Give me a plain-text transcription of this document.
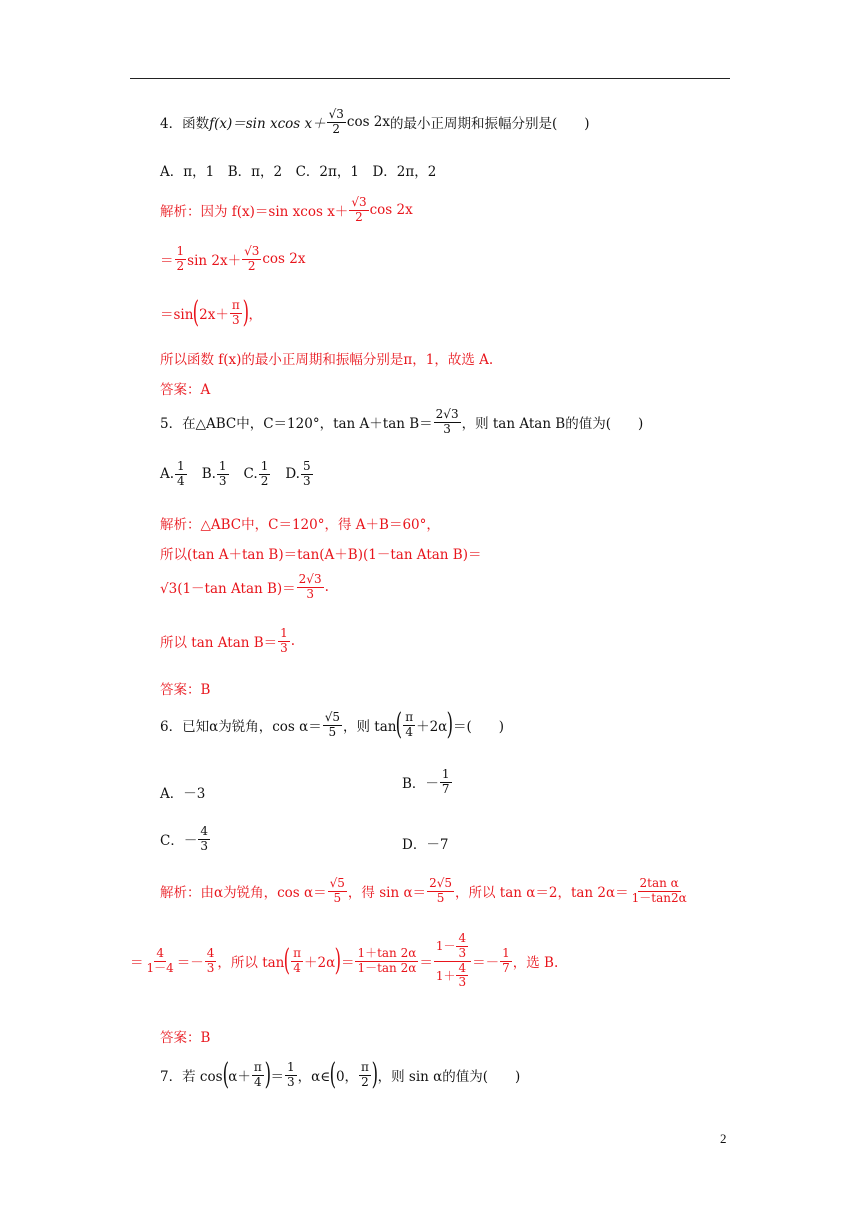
4．函数 f(x)＝sin xcos $x+ \frac{√3}{2}$ cos 2x 的最小正周期和振幅分别是(　　)
A．π，1　B．π，2　C．2π，1　D．2π，2
解析： 因为 f(x)＝sin xcos $x+ \frac{√3}{2}$ cos 2x
＝ $\frac{1}{2}$ $\sin 2x+ \frac{√3}{2}$ cos 2x
＝sin ( $2x+ \frac{\pi}{3}$ ) ，
所以函数 f(x)的最小正周期和振幅分别是π，1，故选 A.
答案：A
5．在△ABC中，C＝120°，tan A＋tan $B= \frac{2√3}{3}$ ，则 tan Atan B的值为(　　)
A. $\frac{1}{4} B$. $\frac{1}{3} C$. $\frac{1}{2} D$. $\frac{5}{3}$
解析： △ABC中，C＝120°，得 A＋B＝60°，
所以(tan A＋tan B)＝tan(A＋B)(1－tan Atan B)＝
√3(1－tan Atan $B)= \frac{2√3}{3}$ .
所以 tan Atan $B= \frac{1}{3}$ .
答案：B
6．已知α为锐角，$\cos \alpha= \frac{√5}{5}$ ，则 tan ( $\frac{\pi}{4} +2\alpha$ ) ＝(　　)
A．－3
B．－ $\frac{1}{7}$
C．－ $\frac{4}{3}$	D．－7
解析： 由α为锐角，$\cos \alpha= \frac{√5}{5}$ ，得 $\sin \alpha= \frac{2√5}{5}$ ，所以 tan α＝2，$\tan 2\alpha= \frac{\text{2tan α}}{1-\tan 2\alpha}$
＝ $\frac{4}{1-4} =- \frac{4}{3}$ ，所以 tan ( $\frac{\pi}{4} +2\alpha$ ) ＝ $\frac{1+\tan 2\alpha}{1-\tan 2\alpha} = \frac{1- \frac{4}{3}}{1+ \frac{4}{3}} =- \frac{1}{7}$ ，选 B.
答案：B
7．若 cos ( $\alpha+ \frac{\pi}{4}$ ) ＝ $\frac{1}{3}$ ，α∈ ( 0， $\frac{\pi}{2}$ ) ，则 sin α的值为(　　)
2
